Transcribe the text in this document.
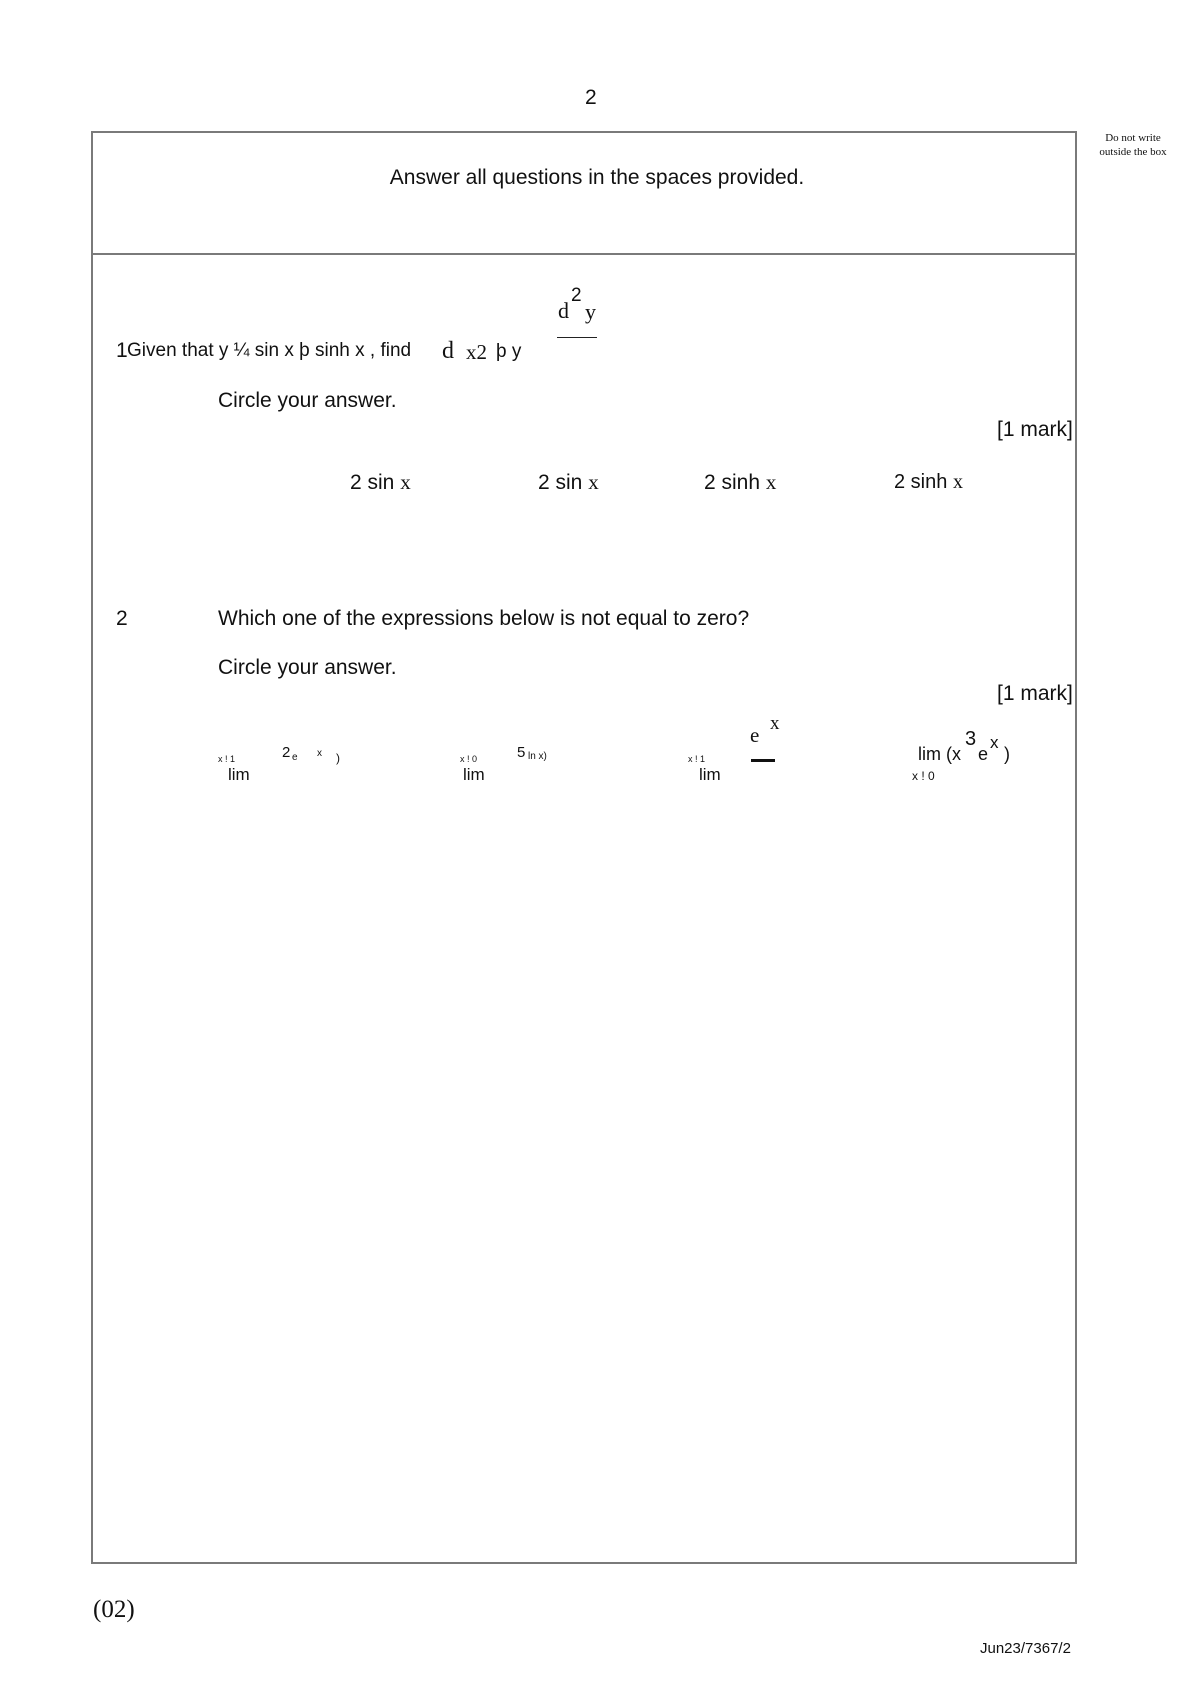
2
Do not write outside the box
Answer all questions in the spaces provided.
1 Given that y ¼ sin x þ sinh x , find d x2 þ y
d
2
y
Circle your answer.
[1 mark]
2 sin x	2 sin x	2 sinh x	2 sinh x
2	Which one of the expressions below is not equal to zero?
Circle your answer.
[1 mark]
x ! 1
lim
2 e x )	x ! 0
lim
5 ln x)	x ! 1
lim
e x
lim (x
3
e
x
)
x ! 0
(02)
Jun23/7367/2
